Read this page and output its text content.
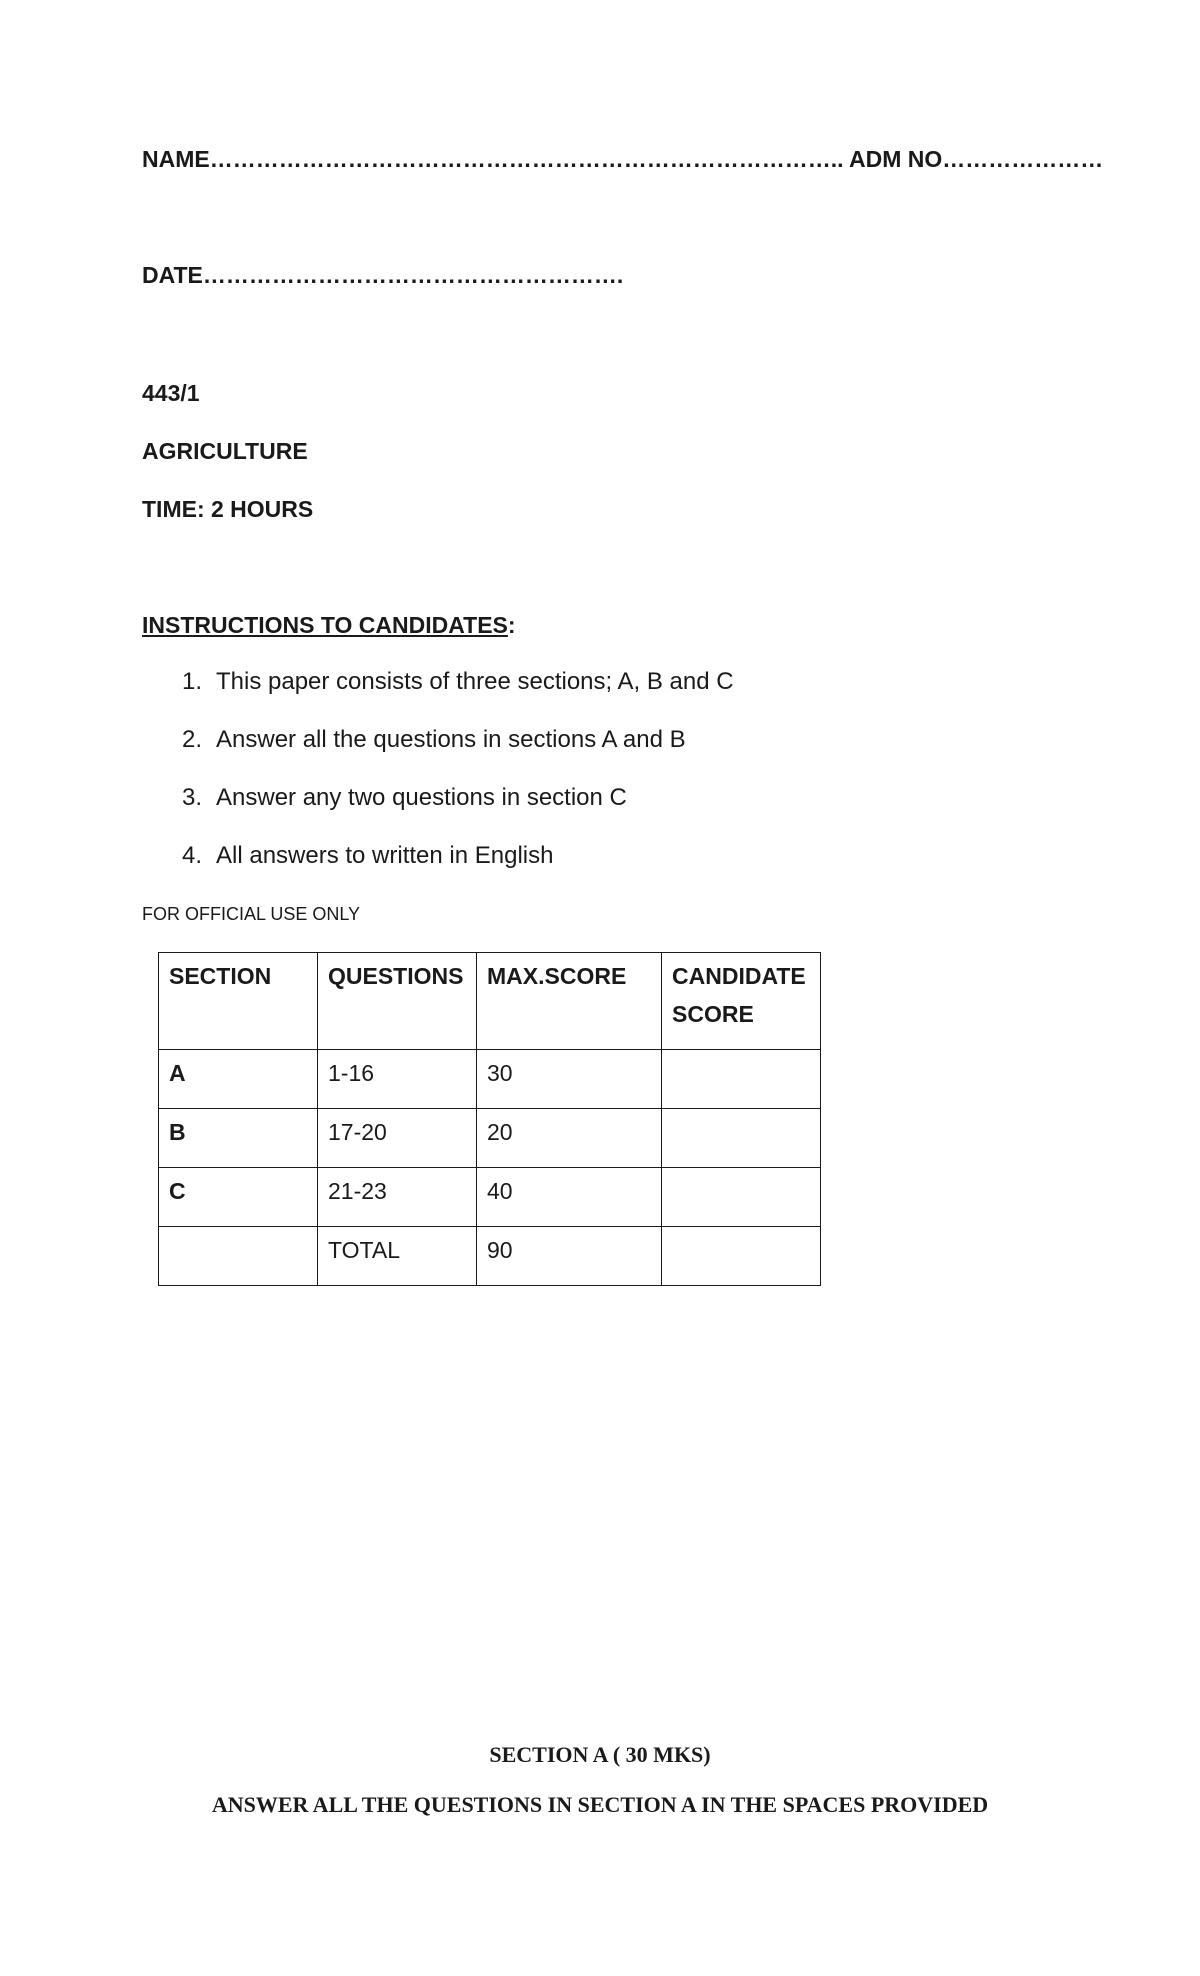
NAME……………………………………………………………………….. ADM NO…………………

DATE……………………………………………….

443/1

AGRICULTURE

TIME: 2 HOURS

INSTRUCTIONS TO CANDIDATES:

1. This paper consists of three sections; A, B and C
2. Answer all the questions in sections A and B
3. Answer any two questions in section C
4. All answers to written in English

FOR OFFICIAL USE ONLY

SECTION	QUESTIONS	MAX.SCORE	CANDIDATE SCORE
A	1-16	30	
B	17-20	20	
C	21-23	40	
	TOTAL	90	

SECTION A ( 30 MKS)

ANSWER ALL THE QUESTIONS IN SECTION A IN THE SPACES PROVIDED
